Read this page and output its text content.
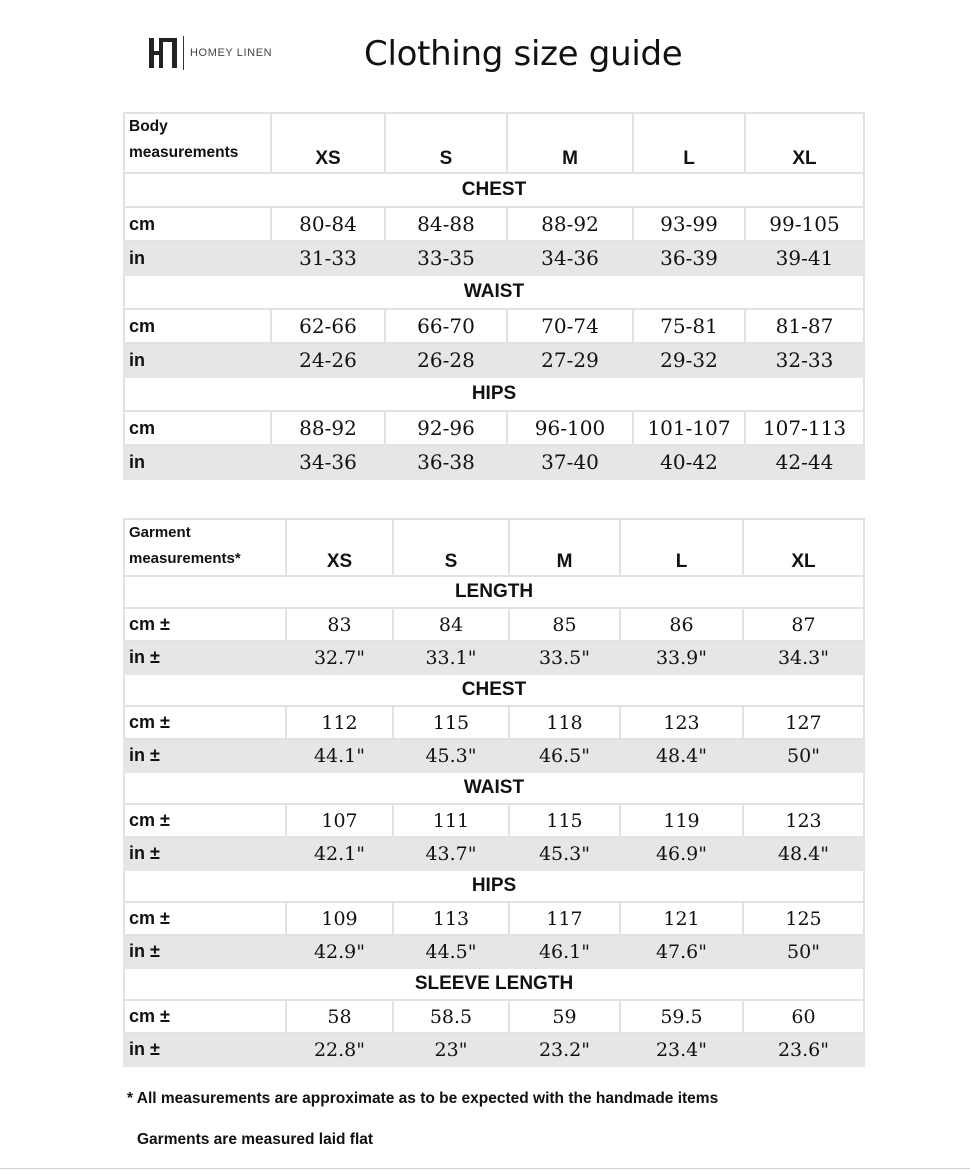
HOMEY LINEN	Clothing size guide
Body
measurements	XS	S	M	L	XL
CHEST					
cm	80-84	84-88	88-92	93-99	99-105
in	31-33	33-35	34-36	36-39	39-41
WAIST					
cm	62-66	66-70	70-74	75-81	81-87
in	24-26	26-28	27-29	29-32	32-33
HIPS					
cm	88-92	92-96	96-100	101-107	107-113
in	34-36	36-38	37-40	40-42	42-44
Garment
measurements*	XS	S	M	L	XL
LENGTH					
cm ±	83	84	85	86	87
in ±	32.7"	33.1"	33.5"	33.9"	34.3"
CHEST					
cm ±	112	115	118	123	127
in ±	44.1"	45.3"	46.5"	48.4"	50"
WAIST					
cm ±	107	111	115	119	123
in ±	42.1"	43.7"	45.3"	46.9"	48.4"
HIPS					
cm ±	109	113	117	121	125
in ±	42.9"	44.5"	46.1"	47.6"	50"
SLEEVE LENGTH					
cm ±	58	58.5	59	59.5	60
in ±	22.8"	23"	23.2"	23.4"	23.6"
* All measurements are approximate as to be expected with the handmade items
Garments are measured laid flat
